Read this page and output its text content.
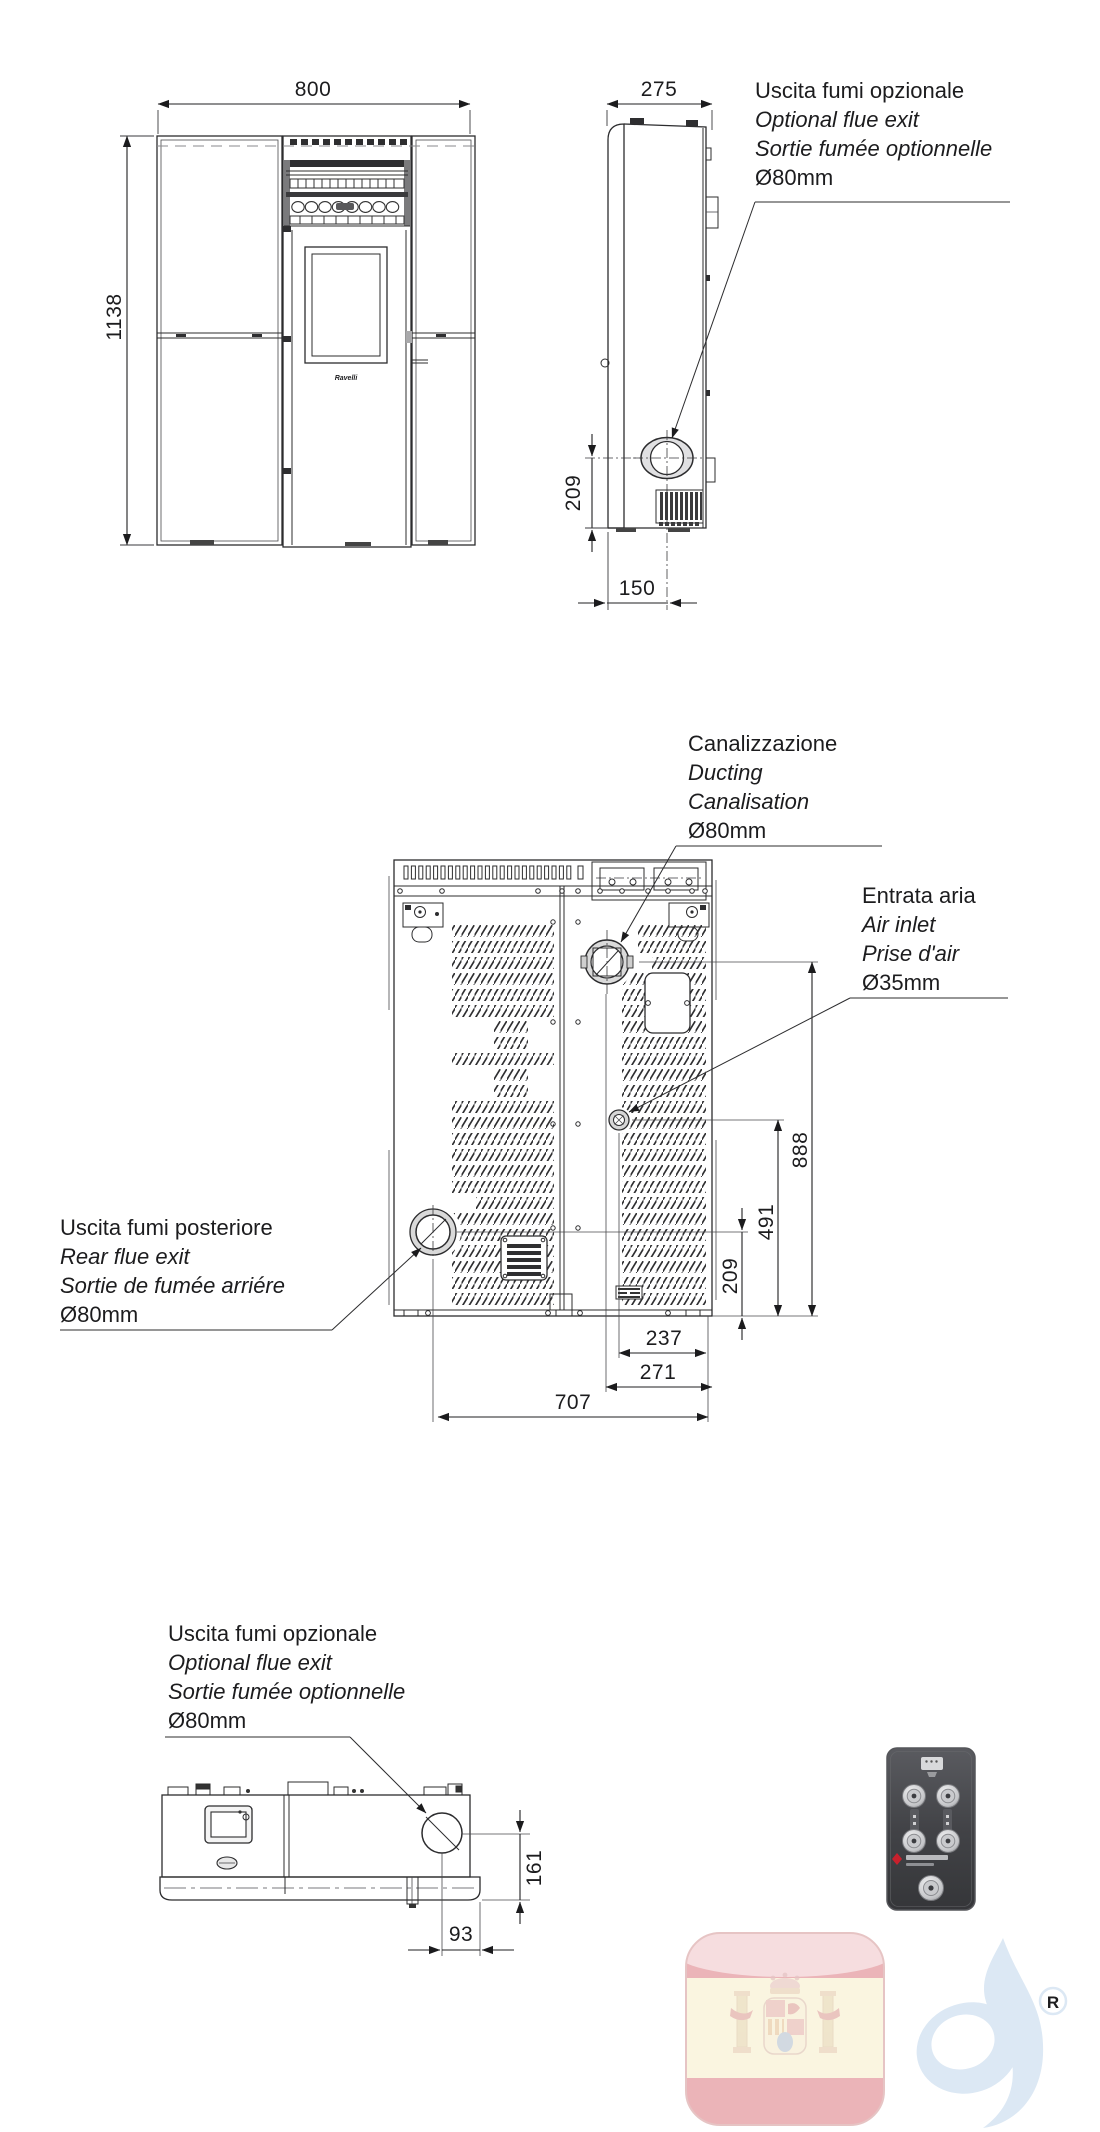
800
1138
Ravelli
275
209
150
Uscita fumi opzionale
Optional flue exit
Sortie fumée optionnelle
Ø80mm
888
491
209
237
271
707
Canalizzazione
Ducting
Canalisation
Ø80mm
Entrata aria
Air inlet
Prise d'air
Ø35mm
Uscita fumi posteriore
Rear flue exit
Sortie de fumée arriére
Ø80mm
Uscita fumi opzionale
Optional flue exit
Sortie fumée optionnelle
Ø80mm
161
93
R
